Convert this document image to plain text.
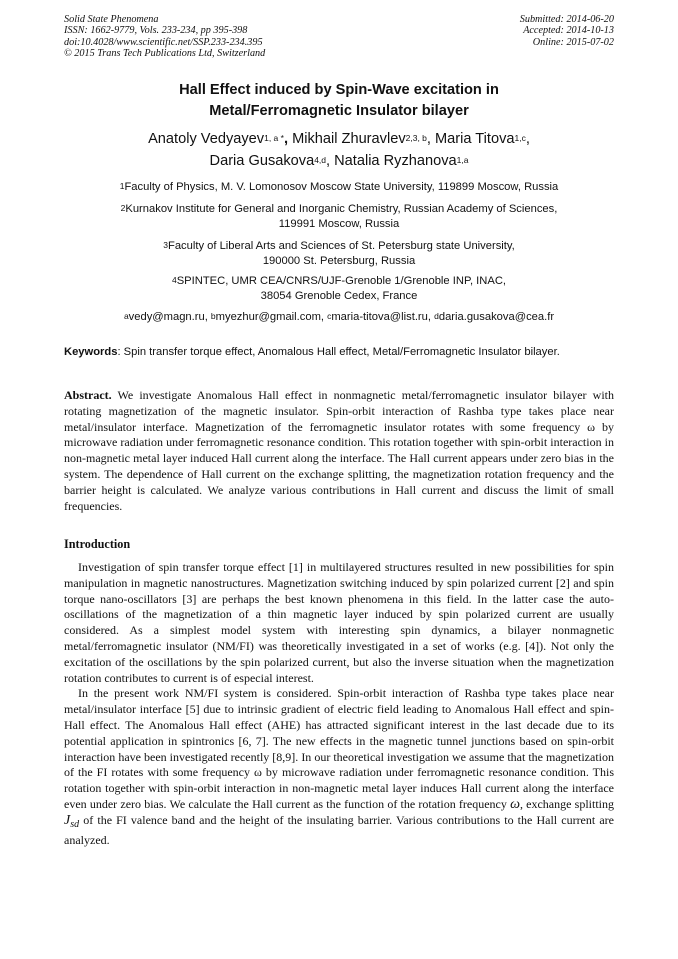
Solid State Phenomena
ISSN: 1662-9779, Vols. 233-234, pp 395-398
doi:10.4028/www.scientific.net/SSP.233-234.395
© 2015 Trans Tech Publications Ltd, Switzerland
Submitted: 2014-06-20
Accepted: 2014-10-13
Online: 2015-07-02
Hall Effect induced by Spin-Wave excitation in
Metal/Ferromagnetic Insulator bilayer
Anatoly Vedyayev$^{1, a *}$, Mikhail Zhuravlev$^{2,3, b}$, Maria Titova$^{1,c}$,
Daria Gusakova$^{4,d}$, Natalia Ryzhanova$^{1,a}$
$^1$Faculty of Physics, M. V. Lomonosov Moscow State University, 119899 Moscow, Russia
$^2$Kurnakov Institute for General and Inorganic Chemistry, Russian Academy of Sciences,
119991 Moscow, Russia
$^3$Faculty of Liberal Arts and Sciences of St. Petersburg state University,
190000 St. Petersburg, Russia
$^4$SPINTEC, UMR CEA/CNRS/UJF-Grenoble 1/Grenoble INP, INAC,
38054 Grenoble Cedex, France
$^a$vedy@magn.ru, $^b$myezhur@gmail.com, $^c$maria-titova@list.ru, $^d$daria.gusakova@cea.fr
Keywords: Spin transfer torque effect, Anomalous Hall effect, Metal/Ferromagnetic Insulator bilayer.

Abstract. We investigate Anomalous Hall effect in nonmagnetic metal/ferromagnetic insulator bilayer with rotating magnetization of the magnetic insulator. Spin-orbit interaction of Rashba type takes place near metal/insulator interface. Magnetization of the ferromagnetic insulator rotates with some frequency ω by microwave radiation under ferromagnetic resonance condition. This rotation together with spin-orbit interaction in non-magnetic metal layer induced Hall current along the interface. The Hall current appears under zero bias in the system. The dependence of Hall current on the exchange splitting, the magnetization rotation frequency and the barrier height is calculated. We analyze various contributions in Hall current and discuss the limit of small frequencies.

Introduction

Investigation of spin transfer torque effect [1] in multilayered structures resulted in new possibilities for spin manipulation in magnetic nanostructures. Magnetization switching induced by spin polarized current [2] and spin torque nano-oscillators [3] are perhaps the best known phenomena in this field. In the latter case the auto-oscillations of the magnetization of a thin magnetic layer induced by spin polarized current are usually considered. As a simplest model system with interesting spin dynamics, a bilayer nonmagnetic metal/ferromagnetic insulator (NM/FI) was theoretically investigated in a set of works (e.g. [4]). Not only the excitation of the oscillations by the spin polarized current, but also the inverse situation when the magnetization rotation contributes to current is of especial interest.

In the present work NM/FI system is considered. Spin-orbit interaction of Rashba type takes place near metal/insulator interface [5] due to intrinsic gradient of electric field leading to Anomalous Hall effect and spin-Hall effect. The Anomalous Hall effect (AHE) has attracted significant interest in the last decade due to its potential application in spintronics [6, 7]. The new effects in the magnetic tunnel junctions based on spin-orbit interaction have been investigated recently [8,9]. In our theoretical investigation we assume that the magnetization of the FI rotates with some frequency ω by microwave radiation under ferromagnetic resonance condition. This rotation together with spin-orbit interaction in non-magnetic metal layer induces Hall current along the interface even under zero bias. We calculate the Hall current as the function of the rotation frequency ω, exchange splitting $J_{sd}$ of the FI valence band and the height of the insulating barrier. Various contributions to the Hall current are analyzed.
